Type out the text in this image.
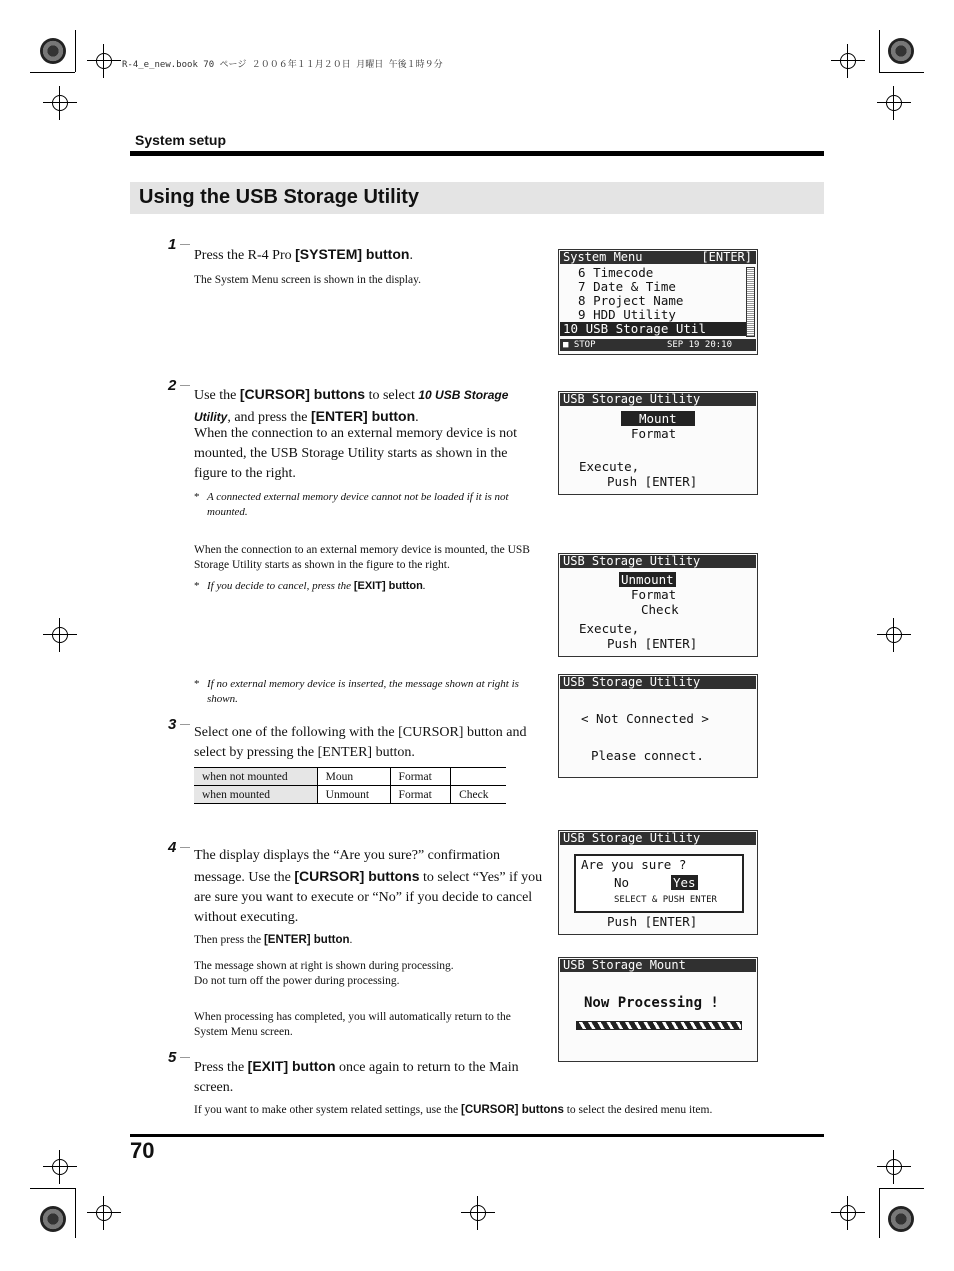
R-4_e_new.book 70 ページ ２００６年１１月２０日 月曜日 午後１時９分
System setup
Using the USB Storage Utility
1
Press the R-4 Pro [SYSTEM] button.
The System Menu screen is shown in the display.
System Menu	[ENTER]
6 Timecode
7 Date & Time
8 Project Name
9 HDD Utility
10 USB Storage Util
■ STOP	SEP 19 20:10
2
Use the [CURSOR] buttons to select 10 USB Storage Utility, and press the [ENTER] button.
When the connection to an external memory device is not mounted, the USB Storage Utility starts as shown in the figure to the right.
* A connected external memory device cannot not be loaded if it is not mounted.
USB Storage Utility
Mount
Format
Execute,
Push [ENTER]
When the connection to an external memory device is mounted, the USB Storage Utility starts as shown in the figure to the right.
* If you decide to cancel, press the [EXIT] button.
USB Storage Utility
Unmount
Format
Check
Execute,
Push [ENTER]
* If no external memory device is inserted, the message shown at right is shown.
USB Storage Utility
< Not Connected >
Please connect.
3 Select one of the following with the [CURSOR] button and select by pressing the [ENTER] button.
when not mounted	Moun	Format	
when mounted	Unmount	Format	Check
4 The display displays the “Are you sure?” confirmation message. Use the [CURSOR] buttons to select “Yes” if you are sure you want to execute or “No” if you decide to cancel without executing.
Then press the [ENTER] button.
The message shown at right is shown during processing.
Do not turn off the power during processing.
When processing has completed, you will automatically return to the System Menu screen.
USB Storage Utility
Are you sure ?
No	Yes
SELECT & PUSH ENTER
Push [ENTER]
USB Storage Mount
Now Processing !
5
Press the [EXIT] button once again to return to the Main screen.
If you want to make other system related settings, use the [CURSOR] buttons to select the desired menu item.
70
